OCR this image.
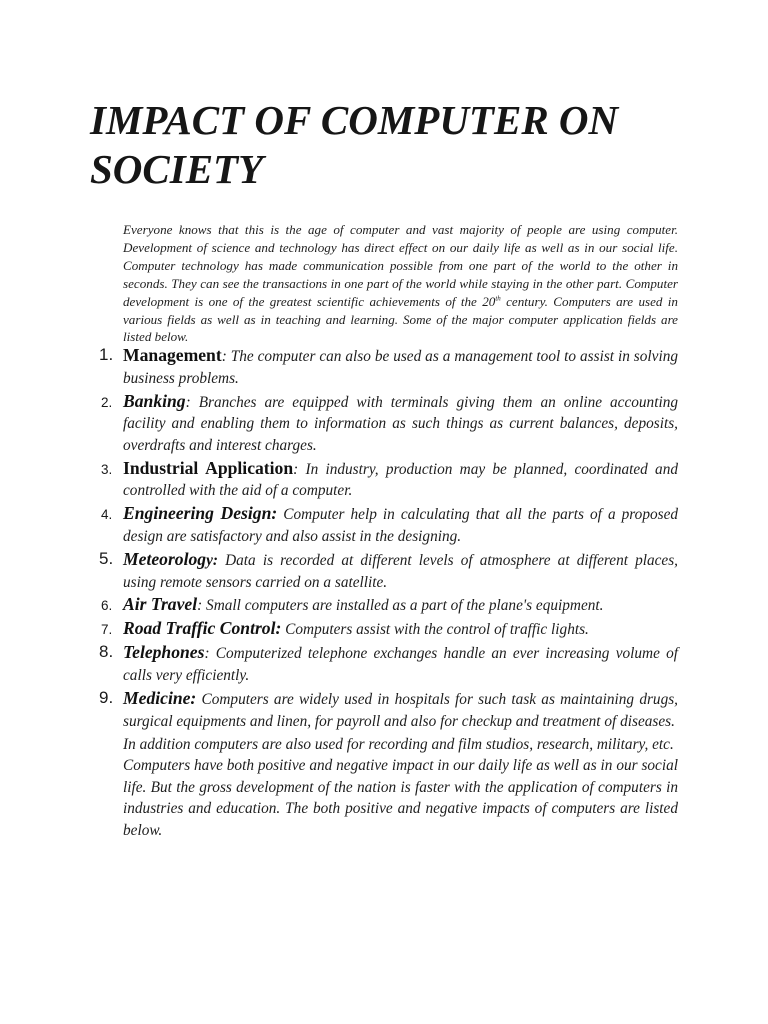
IMPACT OF COMPUTER ON SOCIETY

Everyone knows that this is the age of computer and vast majority of people are using computer. Development of science and technology has direct effect on our daily life as well as in our social life. Computer technology has made communication possible from one part of the world to the other in seconds. They can see the transactions in one part of the world while staying in the other part. Computer development is one of the greatest scientific achievements of the 20th century. Computers are used in various fields as well as in teaching and learning. Some of the major computer application fields are listed below.

1. Management: The computer can also be used as a management tool to assist in solving business problems.
2. Banking: Branches are equipped with terminals giving them an online accounting facility and enabling them to information as such things as current balances, deposits, overdrafts and interest charges.
3. Industrial Application: In industry, production may be planned, coordinated and controlled with the aid of a computer.
4. Engineering Design: Computer help in calculating that all the parts of a proposed design are satisfactory and also assist in the designing.
5. Meteorology: Data is recorded at different levels of atmosphere at different places, using remote sensors carried on a satellite.
6. Air Travel: Small computers are installed as a part of the plane's equipment.
7. Road Traffic Control: Computers assist with the control of traffic lights.
8. Telephones: Computerized telephone exchanges handle an ever increasing volume of calls very efficiently.
9. Medicine: Computers are widely used in hospitals for such task as maintaining drugs, surgical equipments and linen, for payroll and also for checkup and treatment of diseases.

In addition computers are also used for recording and film studios, research, military, etc.

Computers have both positive and negative impact in our daily life as well as in our social life. But the gross development of the nation is faster with the application of computers in industries and education. The both positive and negative impacts of computers are listed below.
